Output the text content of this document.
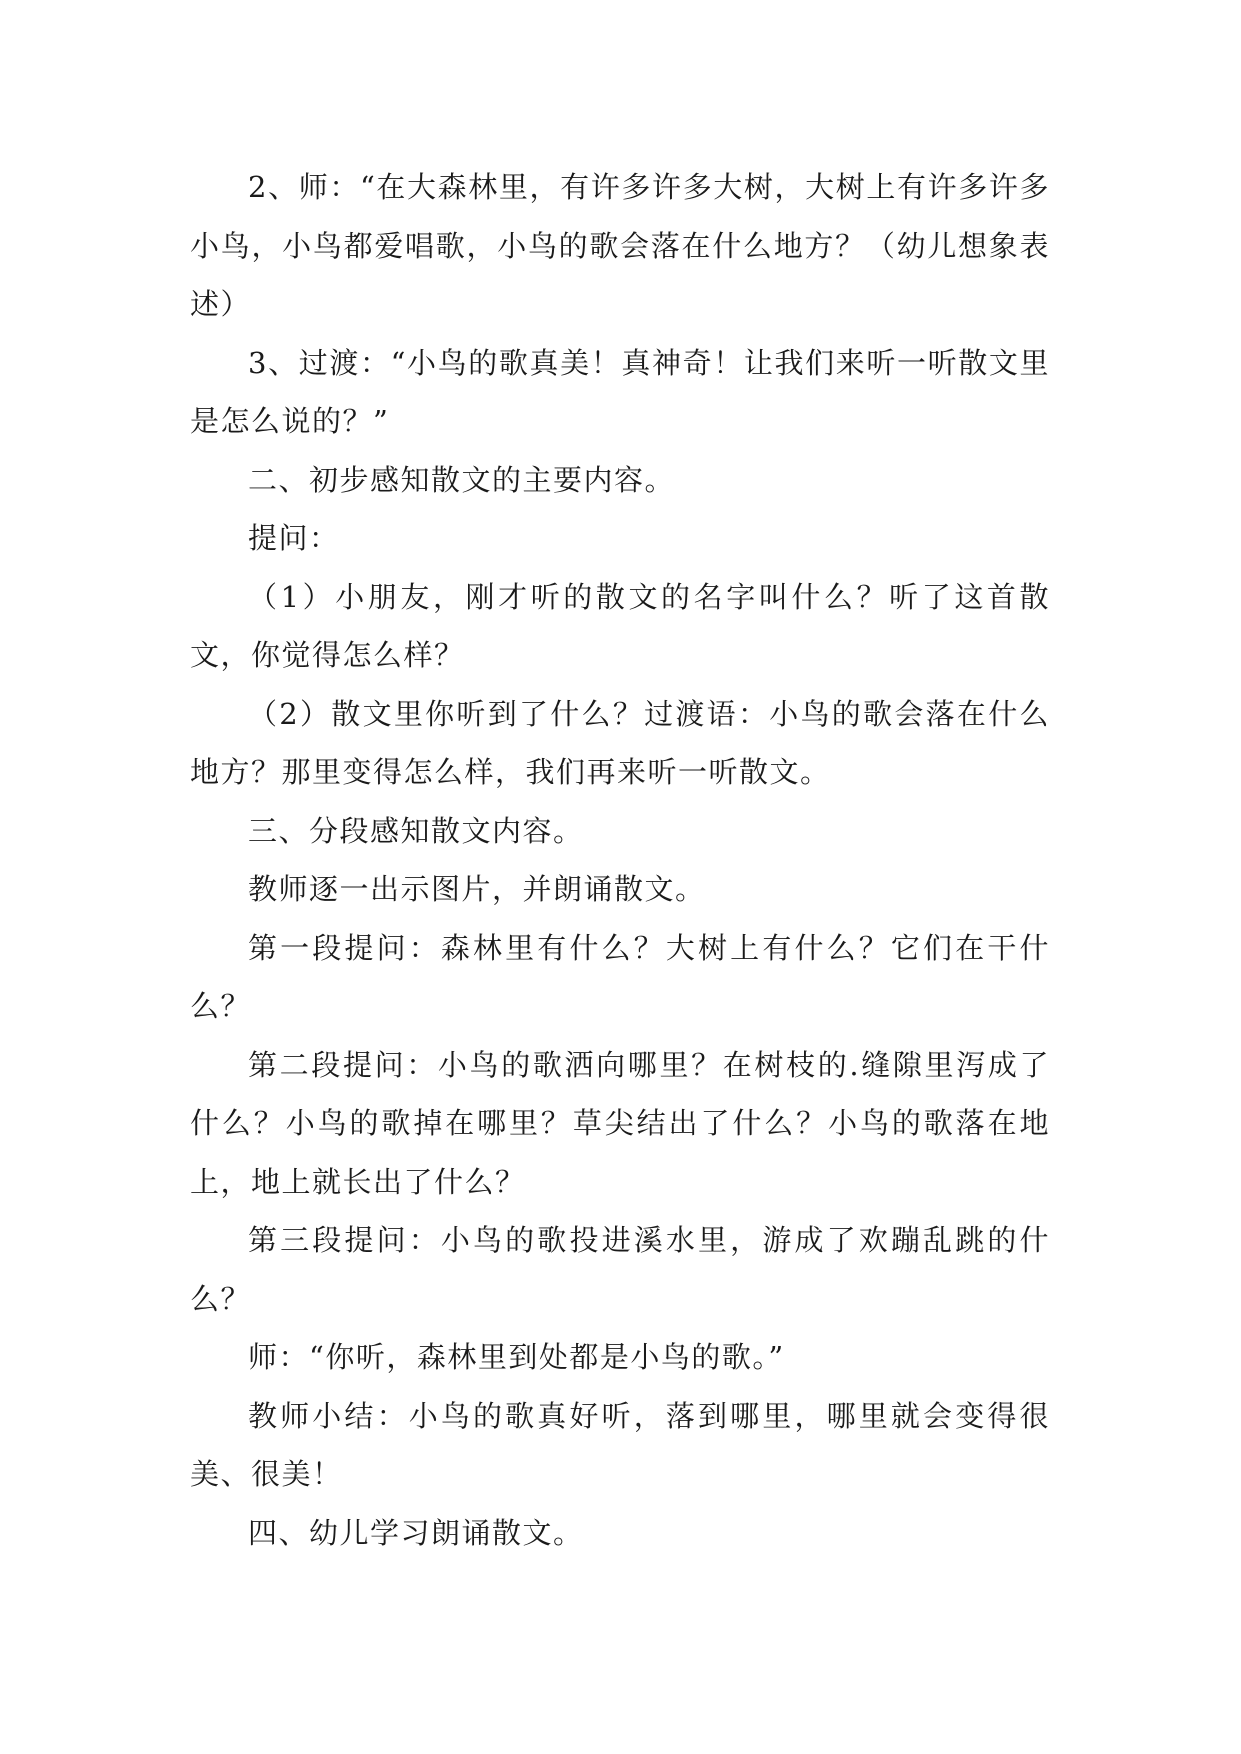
2、师：“在大森林里，有许多许多大树，大树上有许多许多小鸟，小鸟都爱唱歌，小鸟的歌会落在什么地方？（幼儿想象表述）

3、过渡：“小鸟的歌真美！真神奇！让我们来听一听散文里是怎么说的？”

二、初步感知散文的主要内容。

提问：

（1）小朋友，刚才听的散文的名字叫什么？听了这首散文，你觉得怎么样？

（2）散文里你听到了什么？过渡语：小鸟的歌会落在什么地方？那里变得怎么样，我们再来听一听散文。

三、分段感知散文内容。

教师逐一出示图片，并朗诵散文。

第一段提问：森林里有什么？大树上有什么？它们在干什么？

第二段提问：小鸟的歌洒向哪里？在树枝的.缝隙里泻成了什么？小鸟的歌掉在哪里？草尖结出了什么？小鸟的歌落在地上，地上就长出了什么？

第三段提问：小鸟的歌投进溪水里，游成了欢蹦乱跳的什么？

师：“你听，森林里到处都是小鸟的歌。”

教师小结：小鸟的歌真好听，落到哪里，哪里就会变得很美、很美！

四、幼儿学习朗诵散文。
